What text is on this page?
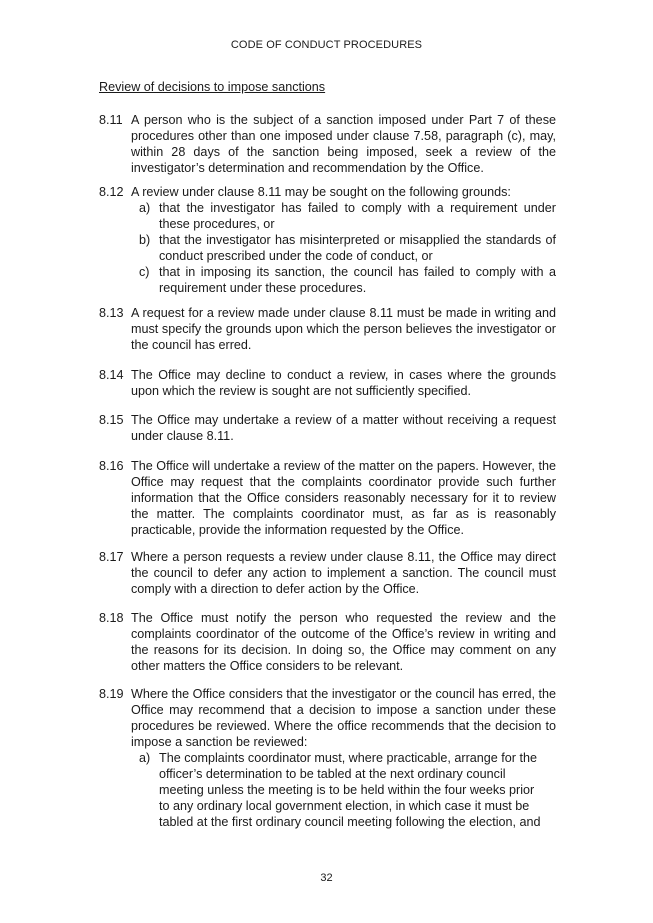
CODE OF CONDUCT PROCEDURES
Review of decisions to impose sanctions
8.11 A person who is the subject of a sanction imposed under Part 7 of these procedures other than one imposed under clause 7.58, paragraph (c), may, within 28 days of the sanction being imposed, seek a review of the investigator’s determination and recommendation by the Office.
8.12 A review under clause 8.11 may be sought on the following grounds:
a) that the investigator has failed to comply with a requirement under these procedures, or
b) that the investigator has misinterpreted or misapplied the standards of conduct prescribed under the code of conduct, or
c) that in imposing its sanction, the council has failed to comply with a requirement under these procedures.
8.13 A request for a review made under clause 8.11 must be made in writing and must specify the grounds upon which the person believes the investigator or the council has erred.
8.14 The Office may decline to conduct a review, in cases where the grounds upon which the review is sought are not sufficiently specified.
8.15 The Office may undertake a review of a matter without receiving a request under clause 8.11.
8.16 The Office will undertake a review of the matter on the papers. However, the Office may request that the complaints coordinator provide such further information that the Office considers reasonably necessary for it to review the matter. The complaints coordinator must, as far as is reasonably practicable, provide the information requested by the Office.
8.17 Where a person requests a review under clause 8.11, the Office may direct the council to defer any action to implement a sanction. The council must comply with a direction to defer action by the Office.
8.18 The Office must notify the person who requested the review and the complaints coordinator of the outcome of the Office’s review in writing and the reasons for its decision. In doing so, the Office may comment on any other matters the Office considers to be relevant.
8.19 Where the Office considers that the investigator or the council has erred, the Office may recommend that a decision to impose a sanction under these procedures be reviewed. Where the office recommends that the decision to impose a sanction be reviewed:
a) The complaints coordinator must, where practicable, arrange for the officer’s determination to be tabled at the next ordinary council meeting unless the meeting is to be held within the four weeks prior to any ordinary local government election, in which case it must be tabled at the first ordinary council meeting following the election, and
32
